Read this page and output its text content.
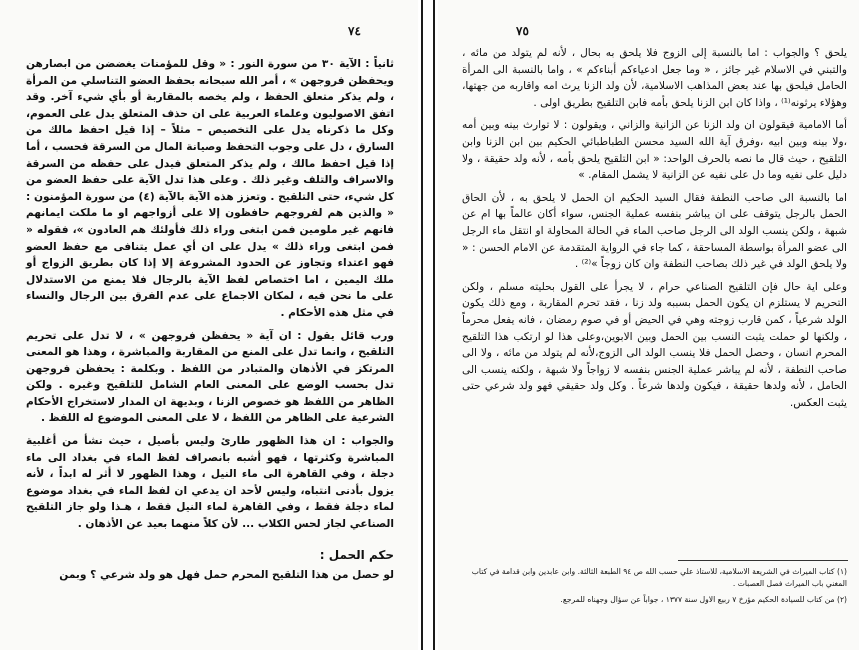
٧٤

ثانياً : الآية ٣٠ من سورة النور : « وقل للمؤمنات يغضضن من ابصارهن ويحفظن فروجهن » ، أمر الله سبحانه بحفظ العضو التناسلي من المرأة ، ولم يذكر متعلق الحفظ ، ولم يخصه بالمقاربة أو بأي شيء آخر. وقد اتفق الاصوليون وعلماء العربية على ان حذف المتعلق يدل على العموم، وكل ما ذكرناه يدل على التخصيص – مثلاً – إذا قيل احفظ مالك من السارق ، دل على وجوب التحفظ وصيانة المال من السرقة فحسب ، أما إذا قيل احفظ مالك ، ولم يذكر المتعلق فيدل على حفظه من السرقة والاسراف والتلف وغير ذلك . وعلى هذا تدل الآية على حفظ العضو من كل شيء، حتى التلقيح . وتعزز هذه الآية بالآية (٤) من سورة المؤمنون : « والذين هم لفروجهم حافظون إلا على أزواجهم او ما ملكت ايمانهم فانهم غير ملومين فمن ابتغى وراء ذلك فأولئك هم العادون »، فقوله « فمن ابتغى وراء ذلك » يدل على ان أي عمل يتنافى مع حفظ العضو فهو اعتداء وتجاوز عن الحدود المشروعة إلا إذا كان بطريق الزواج أو ملك اليمين ، اما اختصاص لفظ الآية بالرجال فلا يمنع من الاستدلال على ما نحن فيه ، لمكان الاجماع على عدم الفرق بين الرجال والنساء في مثل هذه الأحكام .

ورب قائل يقول : ان آية « يحفظن فروجهن » ، لا تدل على تحريم التلقيح ، وانما تدل على المنع من المقاربة والمباشرة ، وهذا هو المعنى المرتكز في الأذهان والمتبادر من اللفظ . وبكلمة : يحفظن فروجهن تدل بحسب الوضع على المعنى العام الشامل للتلقيح وغيره . ولكن الظاهر من اللفظ هو خصوص الزنا ، وبديهة ان المدار لاستخراج الأحكام الشرعية على الظاهر من اللفظ ، لا على المعنى الموضوع له اللفظ .

والجواب : ان هذا الظهور طارئ وليس بأصيل ، حيث نشأ من أغلبية المباشرة وكثرتها ، فهو أشبه بانصراف لفظ الماء في بغداد الى ماء دجلة ، وفي القاهرة الى ماء النيل ، وهذا الظهور لا أثر له ابداً ، لأنه يزول بأدنى انتباه، وليس لأحد ان يدعي ان لفظ الماء في بغداد موضوع لماء دجلة فقط ، وفي القاهرة لماء النيل فقط ، هـذا ولو جاز التلقيح الصناعي لجاز لحس الكلاب ... لأن كلاً منهما بعيد عن الأذهان .

حكم الحمل :

لو حصل من هذا التلقيح المحرم حمل فهل هو ولد شرعي ؟ وبمن

٧٥

يلحق ؟ والجواب : اما بالنسبة إلى الزوج فلا يلحق به بحال ، لأنه لم يتولد من مائه ، والتبني في الاسلام غير جائز ، « وما جعل ادعياءكم أبناءكم » ، واما بالنسبة الى المرأة الحامل فيلحق بها عند بعض المذاهب الاسلامية، لأن ولد الزنا يرث امه واقاربه من جهتها، وهؤلاء يرثونه⁽¹⁾ ، واذا كان ابن الزنا يلحق بأمه فابن التلقيح بطريق اولى .

أما الامامية فيقولون ان ولد الزنا عن الزانية والزاني ، ويقولون : لا توارث بينه وبين أمه ،ولا بينه وبين ابيه ،وفرق آية الله السيد محسن الطباطبائي الحكيم بين ابن الزنا وابن التلقيح ، حيث قال ما نصه بالحرف الواحد: « ابن التلقيح يلحق بأمه ، لأنه ولد حقيقة ، ولا دليل على نفيه وما دل على نفيه عن الزانية لا يشمل المقام. »

اما بالنسبة الى صاحب النطفة فقال السيد الحكيم ان الحمل لا يلحق به ، لأن الحاق الحمل بالرجل يتوقف على ان يباشر بنفسه عملية الجنس، سواء أكان عالماً بها ام عن شبهة ، ولكن ينسب الولد الى الرجل صاحب الماء في الحالة المحاولة او انتقل ماء الرجل الى عضو المرأة بواسطة المساحقة ، كما جاء في الرواية المتقدمة عن الامام الحسن : « ولا يلحق الولد في غير ذلك بصاحب النطفة وان كان زوجاً »⁽²⁾ .

وعلى اية حال فإن التلقيح الصناعي حرام ، لا يجرأ على القول بحليته مسلم ، ولكن التحريم لا يستلزم ان يكون الحمل بسببه ولد زنا ، فقد تحرم المقاربة ، ومع ذلك يكون الولد شرعياً ، كمن قارب زوجته وهي في الحيض أو في صوم رمضان ، فانه يفعل محرماً ، ولكنها لو حملت يثبت النسب بين الحمل وبين الابوين،وعلى هذا لو ارتكب هذا التلقيح المحرم انسان ، وحصل الحمل فلا ينسب الولد الى الزوج،لأنه لم يتولد من مائه ، ولا الى صاحب النطفة ، لأنه لم يباشر عملية الجنس بنفسه لا زواجاً ولا شبهة ، ولكنه ينسب الى الحامل ، لأنه ولدها حقيقة ، فيكون ولدها شرعاً . وكل ولد حقيقي فهو ولد شرعي حتى يثبت العكس.

(١) كتاب الميراث في الشريعة الاسلامية، للاستاذ علي حسب الله ص ٩٤ الطبعة الثالثة. وابن عابدين وابن قدامة في كتاب المغني باب الميراث فصل العصبات .

(٢) من كتاب للسيادة الحكيم مؤرخ ٧ ربيع الاول سنة ١٣٧٧ ، جواباً عن سؤال وجهناه للمرجع.
